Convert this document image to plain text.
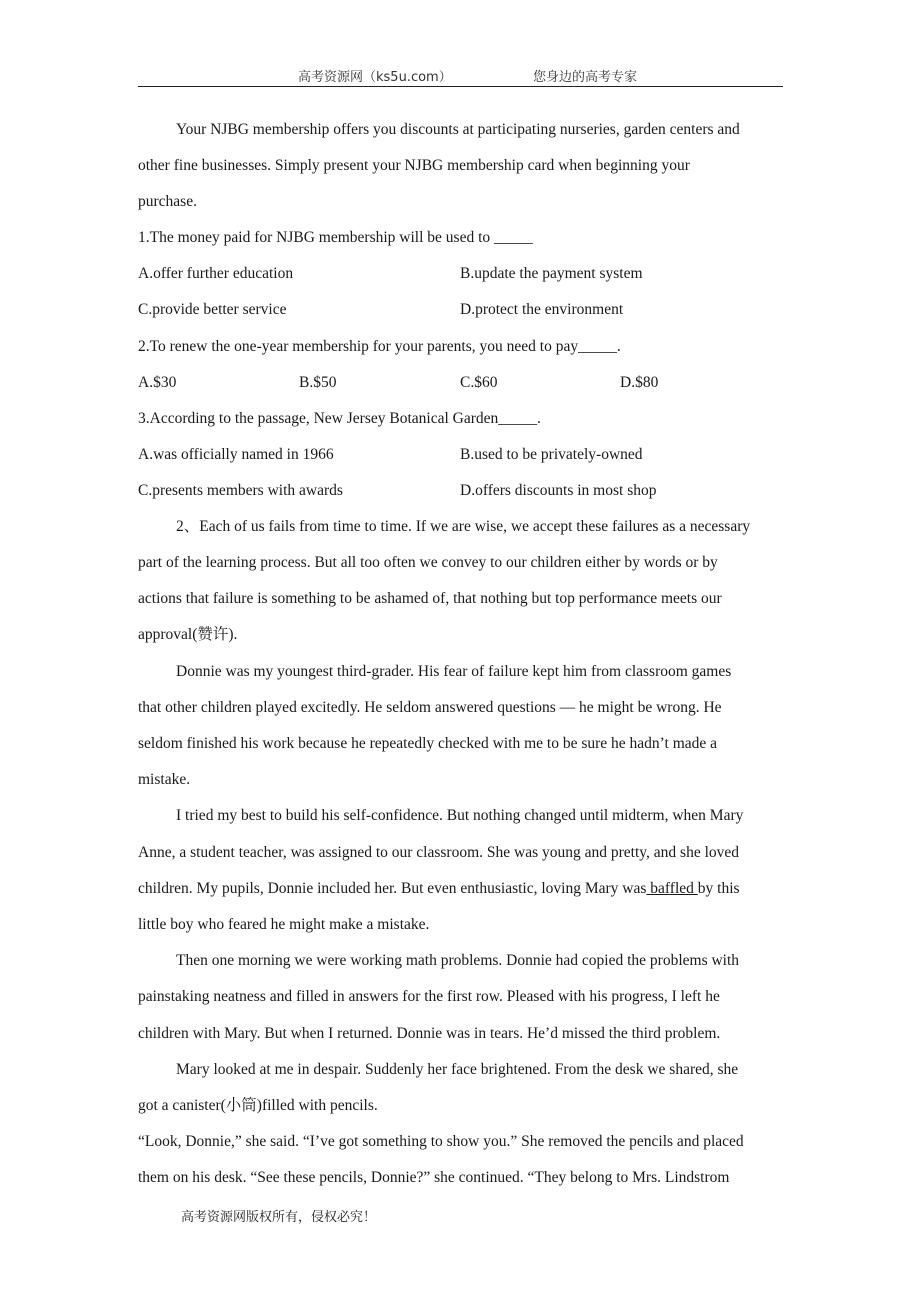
高考资源网（ks5u.com）	您身边的高考专家
Your NJBG membership offers you discounts at participating nurseries, garden centers and
other fine businesses. Simply present your NJBG membership card when beginning your
purchase.
1.The money paid for NJBG membership will be used to _____
A.offer further education	B.update the payment system
C.provide better service	D.protect the environment
2.To renew the one-year membership for your parents, you need to pay_____.
A.$30	B.$50	C.$60	D.$80
3.According to the passage, New Jersey Botanical Garden_____.
A.was officially named in 1966	B.used to be privately-owned
C.presents members with awards	D.offers discounts in most shop
2、Each of us fails from time to time. If we are wise, we accept these failures as a necessary
part of the learning process. But all too often we convey to our children either by words or by
actions that failure is something to be ashamed of, that nothing but top performance meets our
approval(赞许).
Donnie was my youngest third-grader. His fear of failure kept him from classroom games
that other children played excitedly. He seldom answered questions — he might be wrong. He
seldom finished his work because he repeatedly checked with me to be sure he hadn’t made a
mistake.
I tried my best to build his self-confidence. But nothing changed until midterm, when Mary
Anne, a student teacher, was assigned to our classroom. She was young and pretty, and she loved
children. My pupils, Donnie included her. But even enthusiastic, loving Mary was baffled by this
little boy who feared he might make a mistake.
Then one morning we were working math problems. Donnie had copied the problems with
painstaking neatness and filled in answers for the first row. Pleased with his progress, I left he
children with Mary. But when I returned. Donnie was in tears. He’d missed the third problem.
Mary looked at me in despair. Suddenly her face brightened. From the desk we shared, she
got a canister(小筒)filled with pencils.
“Look, Donnie,” she said. “I’ve got something to show you.” She removed the pencils and placed
them on his desk. “See these pencils, Donnie?” she continued. “They belong to Mrs. Lindstrom
高考资源网版权所有，侵权必究！
